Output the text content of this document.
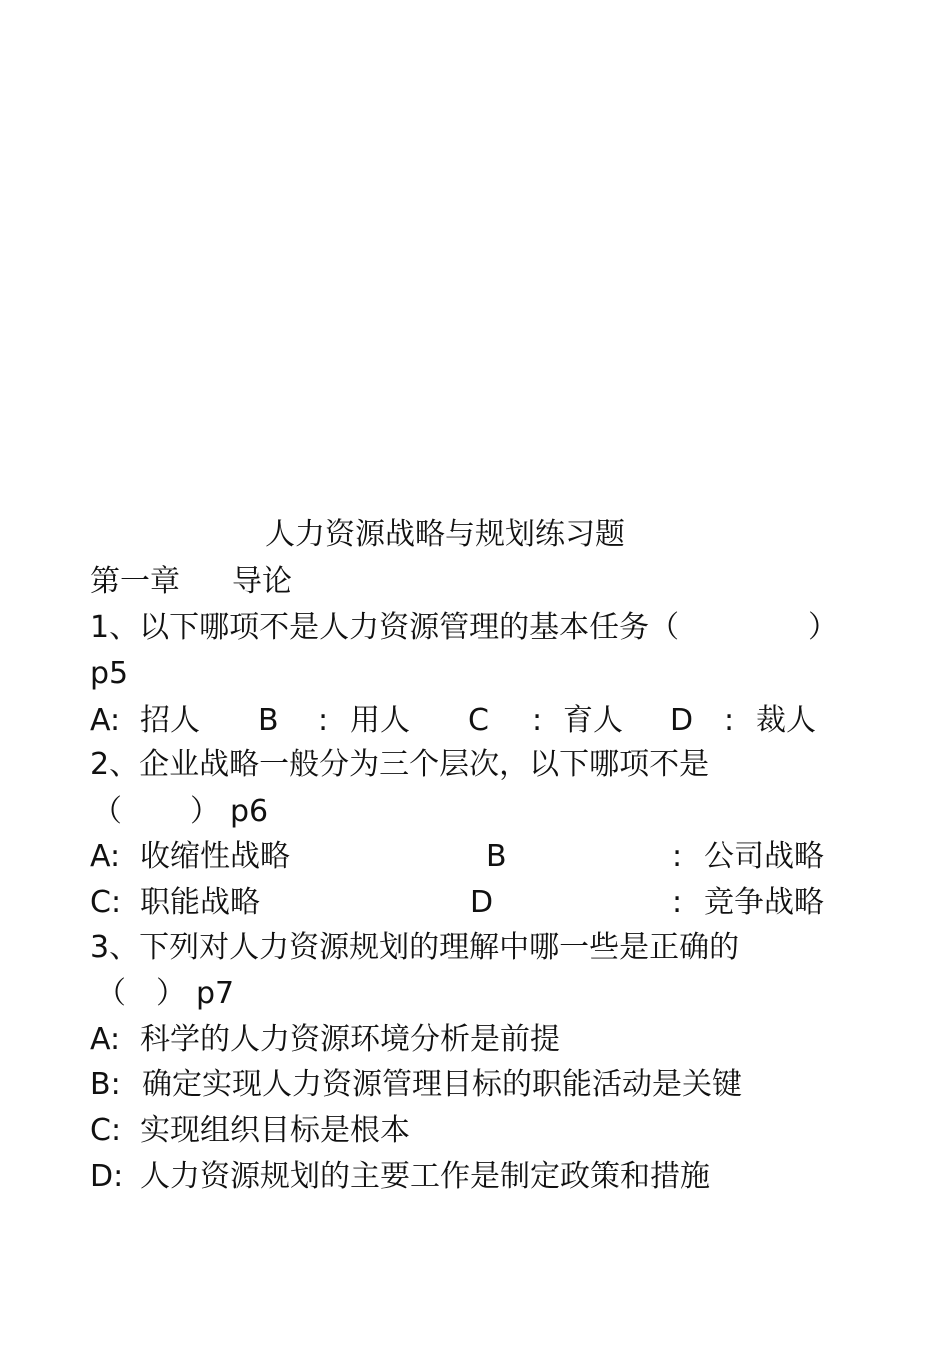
人力资源战略与规划练习题
第一章 导论
1、以下哪项不是人力资源管理的基本任务（	）
p5
A: 招人 B : 用人 C : 育人 D : 裁人
2、企业战略一般分为三个层次，以下哪项不是
（ ） p6
A: 收缩性战略	B	: 公司战略
C: 职能战略	D	: 竞争战略
3、下列对人力资源规划的理解中哪一些是正确的
（ ） p7
A: 科学的人力资源环境分析是前提
B: 确定实现人力资源管理目标的职能活动是关键
C: 实现组织目标是根本
D: 人力资源规划的主要工作是制定政策和措施
